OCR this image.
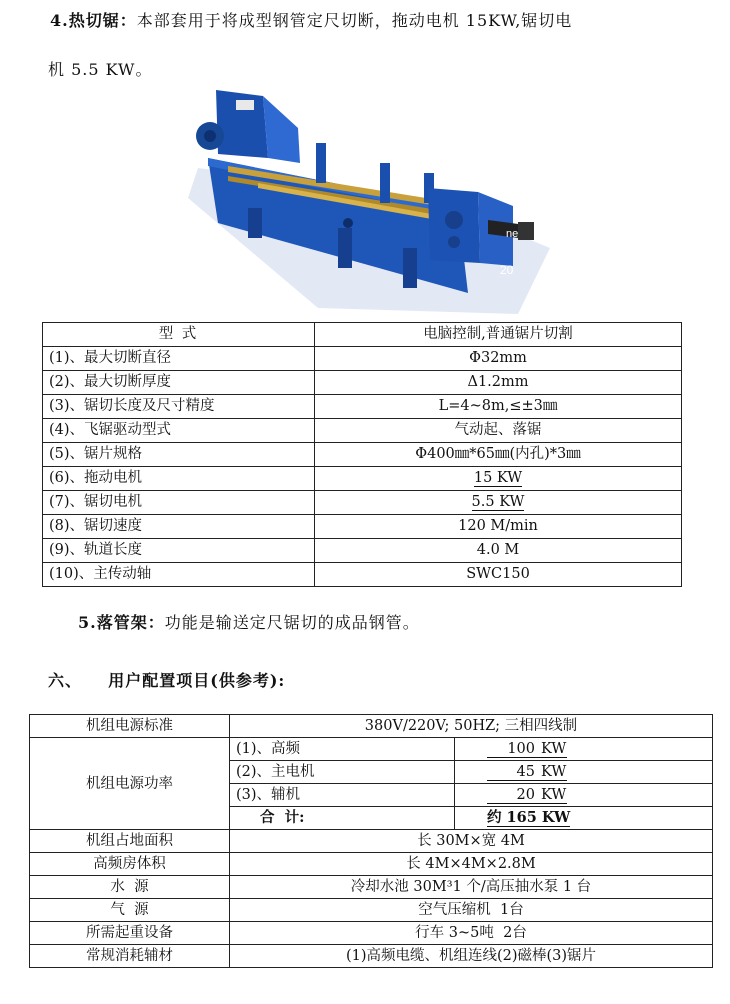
4.热切锯：本部套用于将成型钢管定尺切断，拖动电机 15KW,锯切电
机 5.5 KW。
ne
20
型 式	电脑控制,普通锯片切割
(1)、最大切断直径	Φ32mm
(2)、最大切断厚度	Δ1.2mm
(3)、锯切长度及尺寸精度	L=4~8m,≤±3㎜
(4)、飞锯驱动型式	气动起、落锯
(5)、锯片规格	Φ400㎜*65㎜(内孔)*3㎜
(6)、拖动电机	15 KW
(7)、锯切电机	5.5 KW
(8)、锯切速度	120 M/min
(9)、轨道长度	4.0 M
(10)、主传动轴	SWC150
5.落管架：功能是输送定尺锯切的成品钢管。
六、    用户配置项目(供参考):
机组电源标准	380V/220V; 50HZ; 三相四线制	
机组电源功率	(1)、高频	100 KW
	(2)、主电机	45 KW
	(3)、辅机	20 KW
	合  计:	约 165 KW
机组占地面积	长 30M×宽 4M	
高频房体积	长 4M×4M×2.8M	
水  源	冷却水池 30M³1 个/高压抽水泵 1 台	
气  源	空气压缩机  1台	
所需起重设备	行车 3~5吨  2台	
常规消耗辅材	(1)高频电缆、机组连线(2)磁棒(3)锯片	
